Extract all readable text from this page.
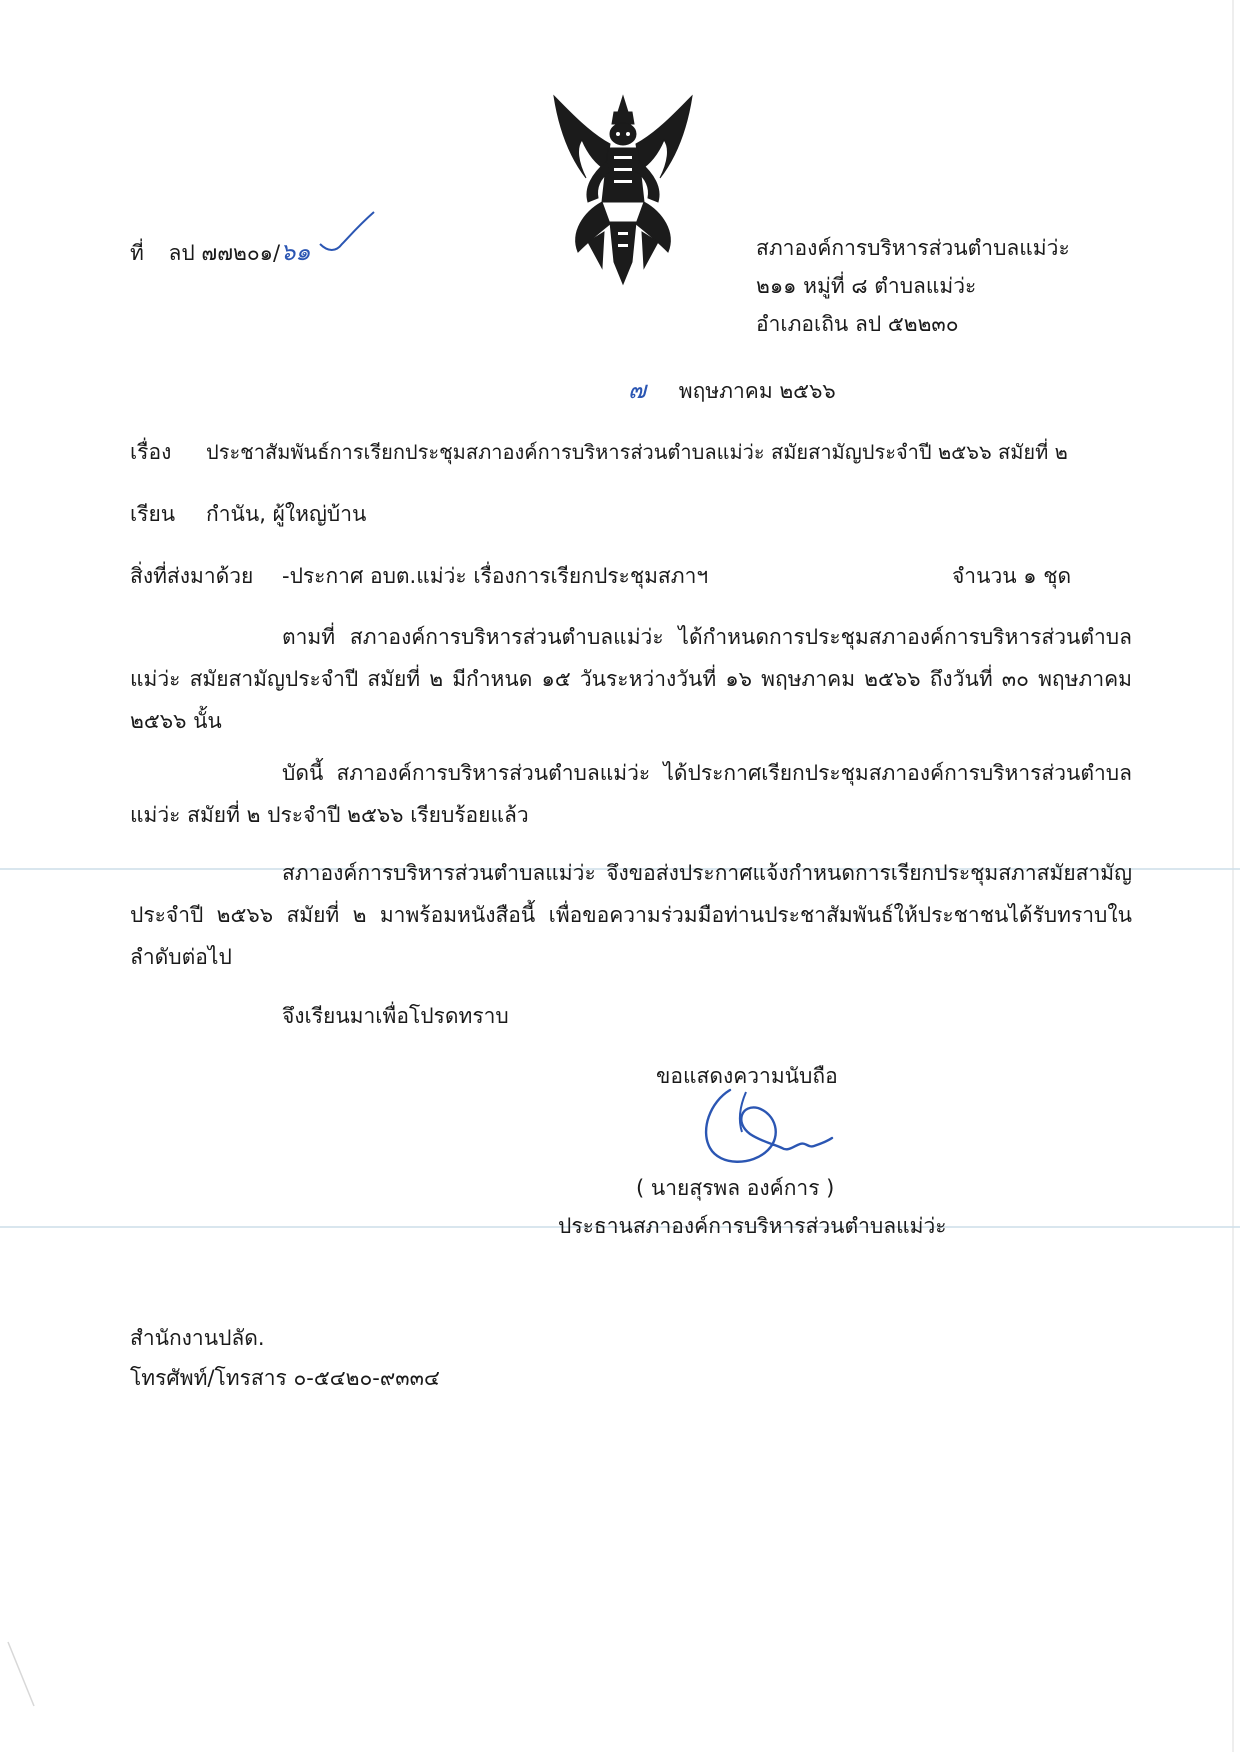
ที่ ลป ๗๗๒๐๑/๖๑	สภาองค์การบริหารส่วนตำบลแม่ว่ะ
๒๑๑ หมู่ที่ ๘ ตำบลแม่ว่ะ
อำเภอเถิน ลป ๕๒๒๓๐
๗ พฤษภาคม ๒๕๖๖
เรื่อง ประชาสัมพันธ์การเรียกประชุมสภาองค์การบริหารส่วนตำบลแม่ว่ะ สมัยสามัญประจำปี ๒๕๖๖ สมัยที่ ๒
เรียน กำนัน, ผู้ใหญ่บ้าน
สิ่งที่ส่งมาด้วย -ประกาศ อบต.แม่ว่ะ เรื่องการเรียกประชุมสภาฯ	จำนวน ๑ ชุด

ตามที่ สภาองค์การบริหารส่วนตำบลแม่ว่ะ ได้กำหนดการประชุมสภาองค์การบริหารส่วนตำบล แม่ว่ะ สมัยสามัญประจำปี สมัยที่ ๒ มีกำหนด ๑๕ วันระหว่างวันที่ ๑๖ พฤษภาคม ๒๕๖๖ ถึงวันที่ ๓๐ พฤษภาคม ๒๕๖๖ นั้น

บัดนี้ สภาองค์การบริหารส่วนตำบลแม่ว่ะ ได้ประกาศเรียกประชุมสภาองค์การบริหารส่วนตำบล แม่ว่ะ สมัยที่ ๒ ประจำปี ๒๕๖๖ เรียบร้อยแล้ว

สภาองค์การบริหารส่วนตำบลแม่ว่ะ จึงขอส่งประกาศแจ้งกำหนดการเรียกประชุมสภาสมัยสามัญ ประจำปี ๒๕๖๖ สมัยที่ ๒ มาพร้อมหนังสือนี้ เพื่อขอความร่วมมือท่านประชาสัมพันธ์ให้ประชาชนได้รับทราบในลำดับต่อไป

จึงเรียนมาเพื่อโปรดทราบ
ขอแสดงความนับถือ
( นายสุรพล องค์การ )
ประธานสภาองค์การบริหารส่วนตำบลแม่ว่ะ
สำนักงานปลัด.
โทรศัพท์/โทรสาร ๐-๕๔๒๐-๙๓๓๔
